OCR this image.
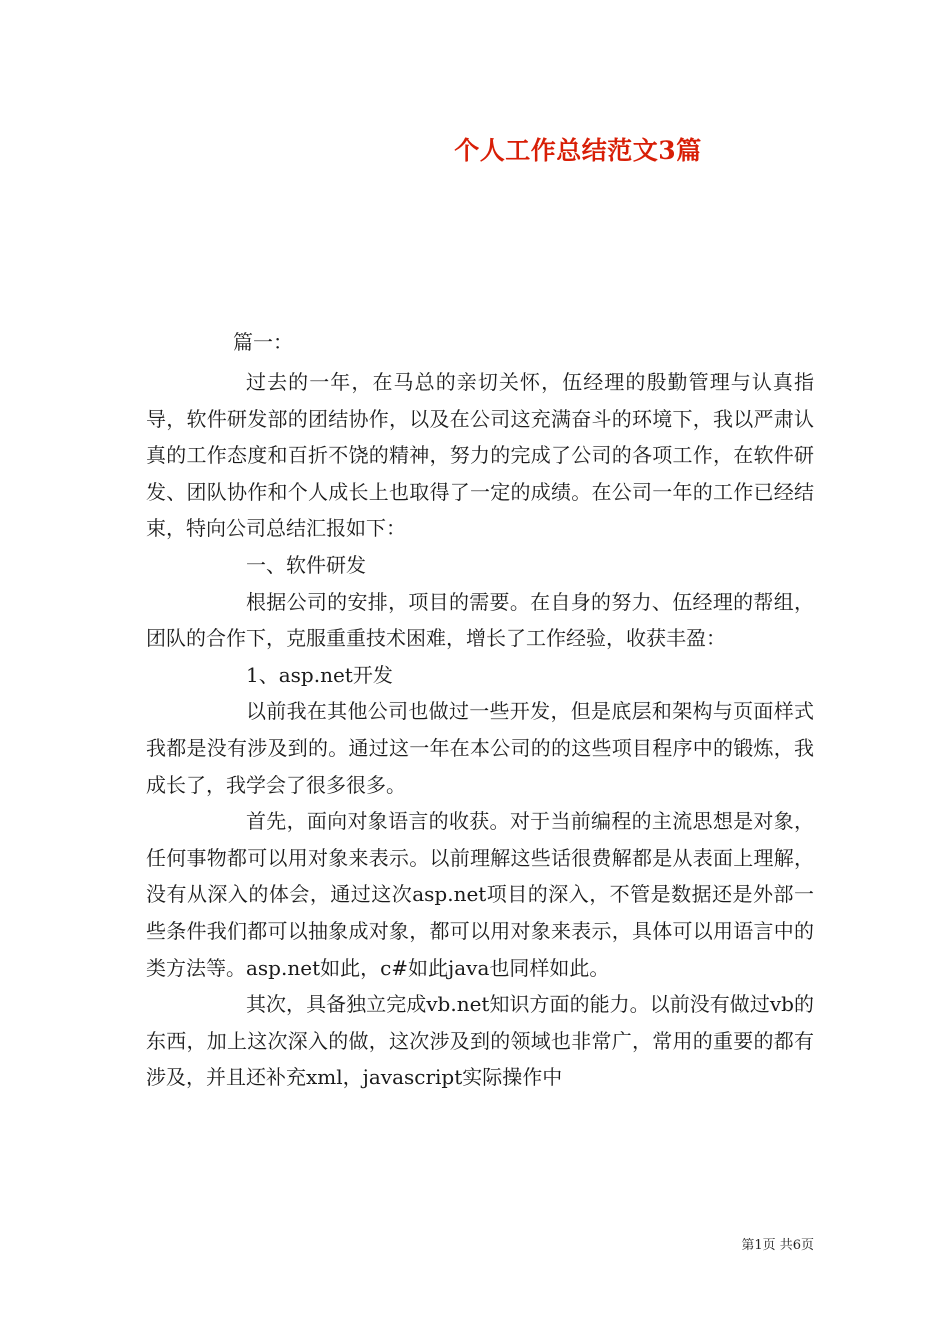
个人工作总结范文3篇
篇一：

过去的一年，在马总的亲切关怀，伍经理的殷勤管理与认真指导，软件研发部的团结协作，以及在公司这充满奋斗的环境下，我以严肃认真的工作态度和百折不饶的精神，努力的完成了公司的各项工作，在软件研发、团队协作和个人成长上也取得了一定的成绩。在公司一年的工作已经结束，特向公司总结汇报如下：

一、软件研发

根据公司的安排，项目的需要。在自身的努力、伍经理的帮组，团队的合作下，克服重重技术困难，增长了工作经验，收获丰盈：

1、asp.net开发

以前我在其他公司也做过一些开发，但是底层和架构与页面样式我都是没有涉及到的。通过这一年在本公司的的这些项目程序中的锻炼，我成长了，我学会了很多很多。

首先，面向对象语言的收获。对于当前编程的主流思想是对象，任何事物都可以用对象来表示。以前理解这些话很费解都是从表面上理解，没有从深入的体会，通过这次asp.net项目的深入，不管是数据还是外部一些条件我们都可以抽象成对象，都可以用对象来表示，具体可以用语言中的类方法等。asp.net如此，c#如此java也同样如此。

其次，具备独立完成vb.net知识方面的能力。以前没有做过vb的东西，加上这次深入的做，这次涉及到的领域也非常广，常用的重要的都有涉及，并且还补充xml，javascript实际操作中

第1页 共6页
